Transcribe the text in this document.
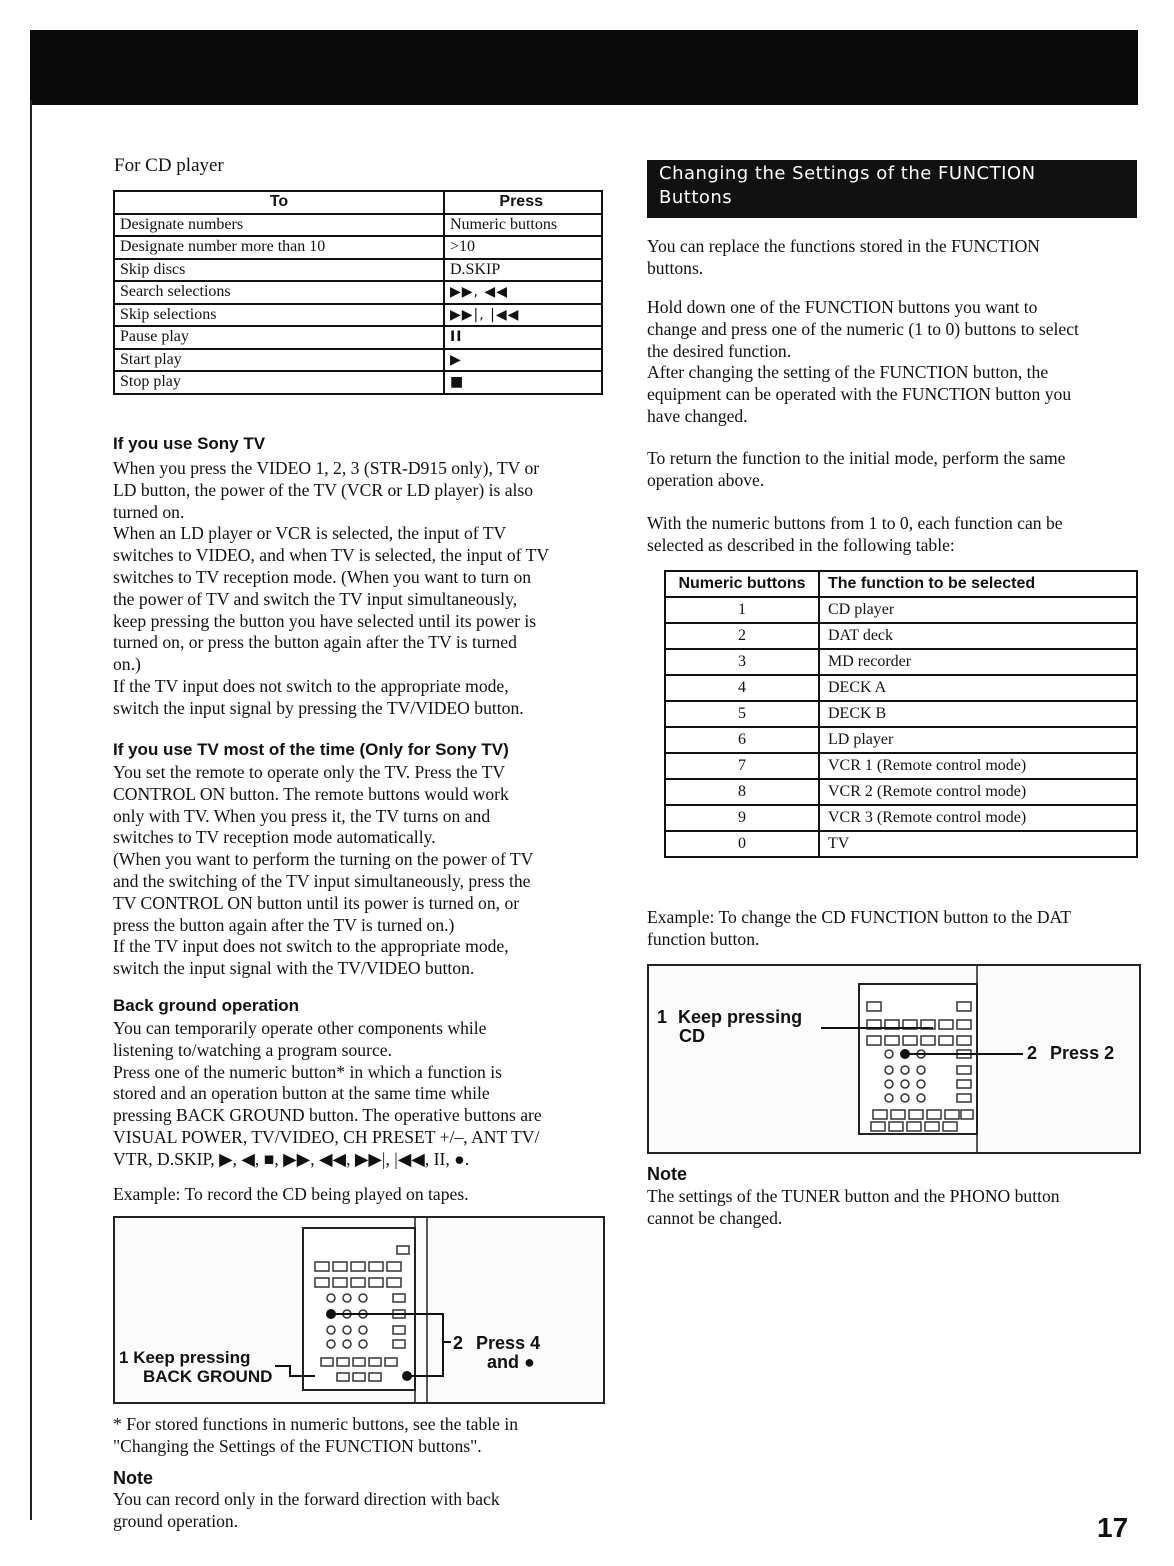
For CD player
To	Press
Designate numbers	Numeric buttons
Designate number more than 10	>10
Skip discs	D.SKIP
Search selections	▶▶, ◀◀
Skip selections	▶▶|, |◀◀
Pause play	II
Start play	▶
Stop play	■
If you use Sony TV
When you press the VIDEO 1, 2, 3 (STR-D915 only), TV or
LD button, the power of the TV (VCR or LD player) is also
turned on.
When an LD player or VCR is selected, the input of TV
switches to VIDEO, and when TV is selected, the input of TV
switches to TV reception mode. (When you want to turn on
the power of TV and switch the TV input simultaneously,
keep pressing the button you have selected until its power is
turned on, or press the button again after the TV is turned
on.)
If the TV input does not switch to the appropriate mode,
switch the input signal by pressing the TV/VIDEO button.
If you use TV most of the time (Only for Sony TV)
You set the remote to operate only the TV. Press the TV
CONTROL ON button. The remote buttons would work
only with TV. When you press it, the TV turns on and
switches to TV reception mode automatically.
(When you want to perform the turning on the power of TV
and the switching of the TV input simultaneously, press the
TV CONTROL ON button until its power is turned on, or
press the button again after the TV is turned on.)
If the TV input does not switch to the appropriate mode,
switch the input signal with the TV/VIDEO button.
Back ground operation
You can temporarily operate other components while
listening to/watching a program source.
Press one of the numeric button* in which a function is
stored and an operation button at the same time while
pressing BACK GROUND button. The operative buttons are
VISUAL POWER, TV/VIDEO, CH PRESET +/–, ANT TV/
VTR, D.SKIP, ▶, ◀, ■, ▶▶, ◀◀, ▶▶|, |◀◀, II, ●.
Example: To record the CD being played on tapes.
1 Keep pressing
BACK GROUND
2 Press 4
and ●
* For stored functions in numeric buttons, see the table in
"Changing the Settings of the FUNCTION buttons".
Note
You can record only in the forward direction with back
ground operation.
Changing the Settings of the FUNCTION
Buttons
You can replace the functions stored in the FUNCTION
buttons.
Hold down one of the FUNCTION buttons you want to
change and press one of the numeric (1 to 0) buttons to select
the desired function.
After changing the setting of the FUNCTION button, the
equipment can be operated with the FUNCTION button you
have changed.
To return the function to the initial mode, perform the same
operation above.
With the numeric buttons from 1 to 0, each function can be
selected as described in the following table:
Numeric buttons	The function to be selected
1	CD player
2	DAT deck
3	MD recorder
4	DECK A
5	DECK B
6	LD player
7	VCR 1 (Remote control mode)
8	VCR 2 (Remote control mode)
9	VCR 3 (Remote control mode)
0	TV
Example: To change the CD FUNCTION button to the DAT
function button.
1 Keep pressing
CD
2 Press 2
Note
The settings of the TUNER button and the PHONO button
cannot be changed.
17
